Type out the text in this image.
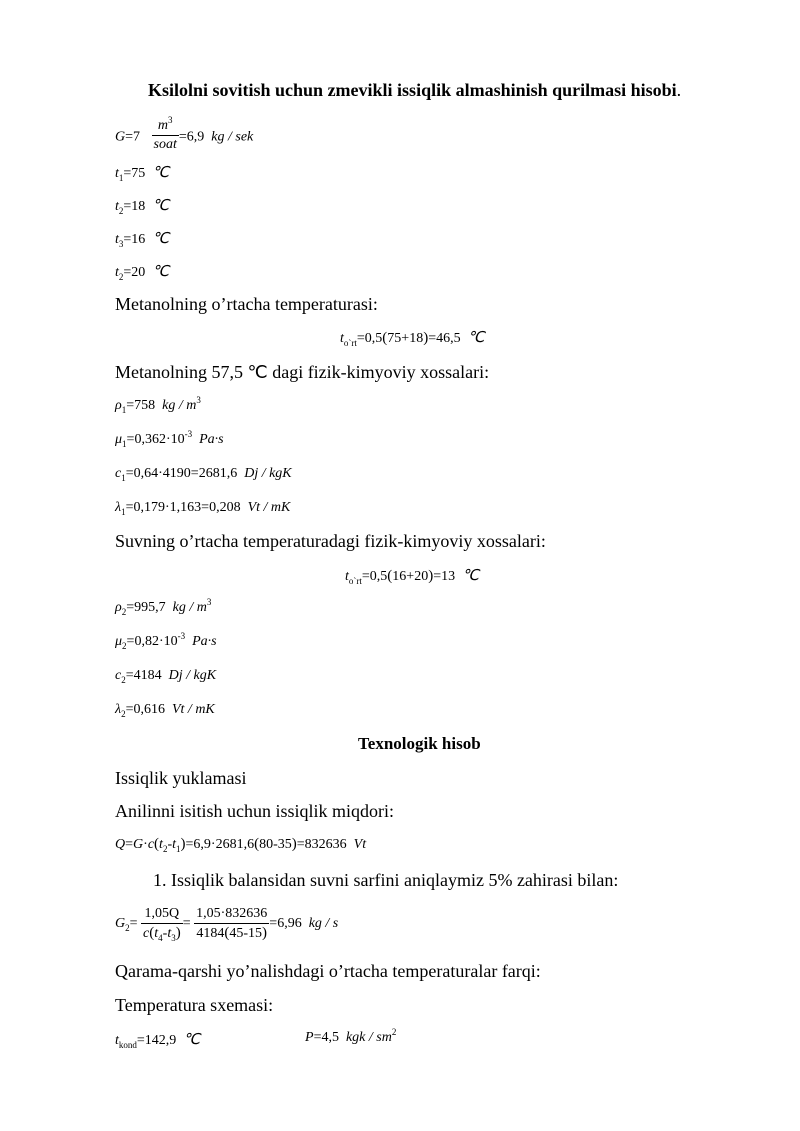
Ksilolni sovitish uchun zmevikli issiqlik almashinish qurilmasi hisobi.
$G=7 \frac{m^3}{\text{soat}} =6,9$ kg / sek
$t_1=75$ ℃
$t_2=18$ ℃
$t_3=16$ ℃
$t_2=20$ ℃
Metanolning o’rtacha temperaturasi:
$t_{o`rt}=0,5(75+18)=46,5$ ℃
Metanolning 57,5 ℃ dagi fizik-kimyoviy xossalari:
$\rho_1=758$ kg / $m^3$
$\mu_1=0,362\cdot 10^{-3}$ Pa·s
$c_1=0,64\cdot 4190=2681,6$ Dj / kgK
$\lambda_1=0,179\cdot 1,163=0,208$ Vt / mK
Suvning o’rtacha temperaturadagi fizik-kimyoviy xossalari:
$t_{o`rt}=0,5(16+20)=13$ ℃
$\rho_2=995,7$ kg / $m^3$
$\mu_2=0,82\cdot 10^{-3}$ Pa·s
$c_2=4184$ Dj / kgK
$\lambda_2=0,616$ Vt / mK
Texnologik hisob
Issiqlik yuklamasi
Anilinni isitish uchun issiqlik miqdori:
$Q=G\cdot c(t_2-t_1)=6,9\cdot 2681,6(80-35)=832636$ Vt
1. Issiqlik balansidan suvni sarfini aniqlaymiz 5% zahirasi bilan:
$G_2= \frac{1,05Q}{c(t_4-t_3)} = \frac{1,05\cdot 832636}{4184(45-15)} =6,96$ kg / s
Qarama-qarshi yo’nalishdagi o’rtacha temperaturalar farqi:
Temperatura sxemasi:
$t_{kond}=142,9$ ℃	P=4,5 kgk / $sm^2$
